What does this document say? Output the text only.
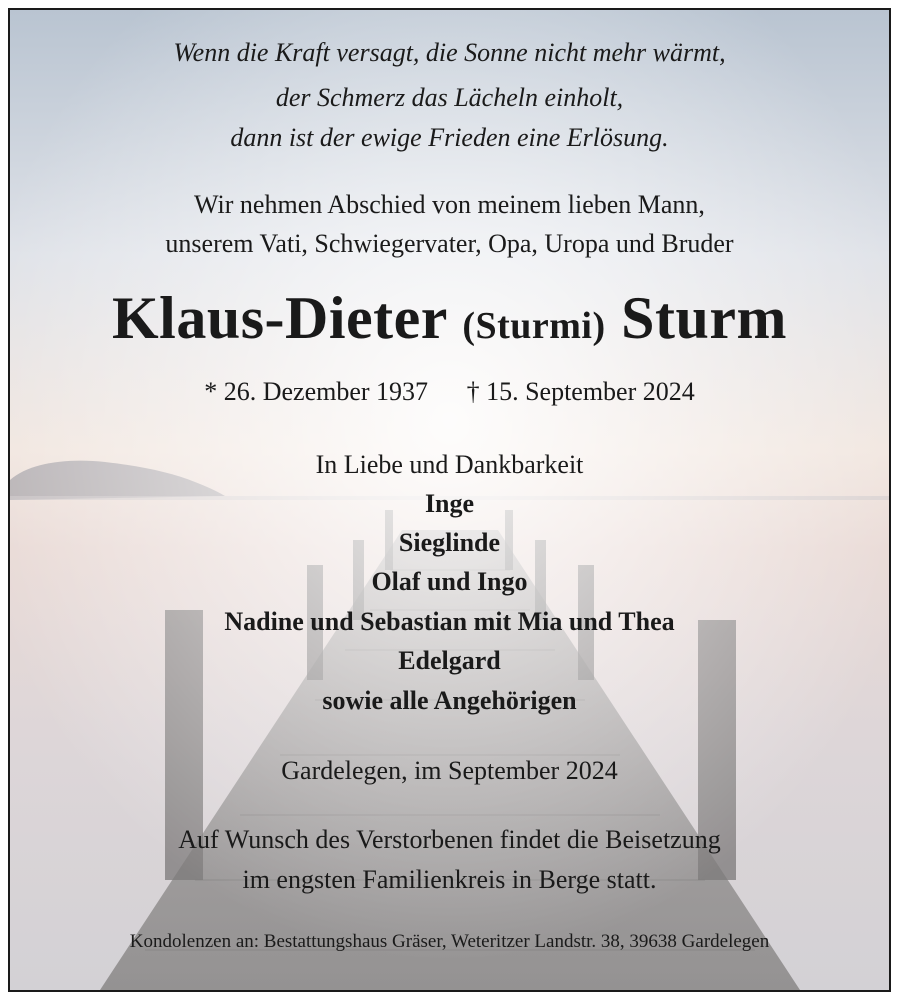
Wenn die Kraft versagt, die Sonne nicht mehr wärmt,
der Schmerz das Lächeln einholt,
dann ist der ewige Frieden eine Erlösung.
Wir nehmen Abschied von meinem lieben Mann,
unserem Vati, Schwiegervater, Opa, Uropa und Bruder
Klaus-Dieter (Sturmi) Sturm
* 26. Dezember 1937 † 15. September 2024
In Liebe und Dankbarkeit
Inge
Sieglinde
Olaf und Ingo
Nadine und Sebastian mit Mia und Thea
Edelgard
sowie alle Angehörigen
Gardelegen, im September 2024
Auf Wunsch des Verstorbenen findet die Beisetzung
im engsten Familienkreis in Berge statt.
Kondolenzen an: Bestattungshaus Gräser, Weteritzer Landstr. 38, 39638 Gardelegen
